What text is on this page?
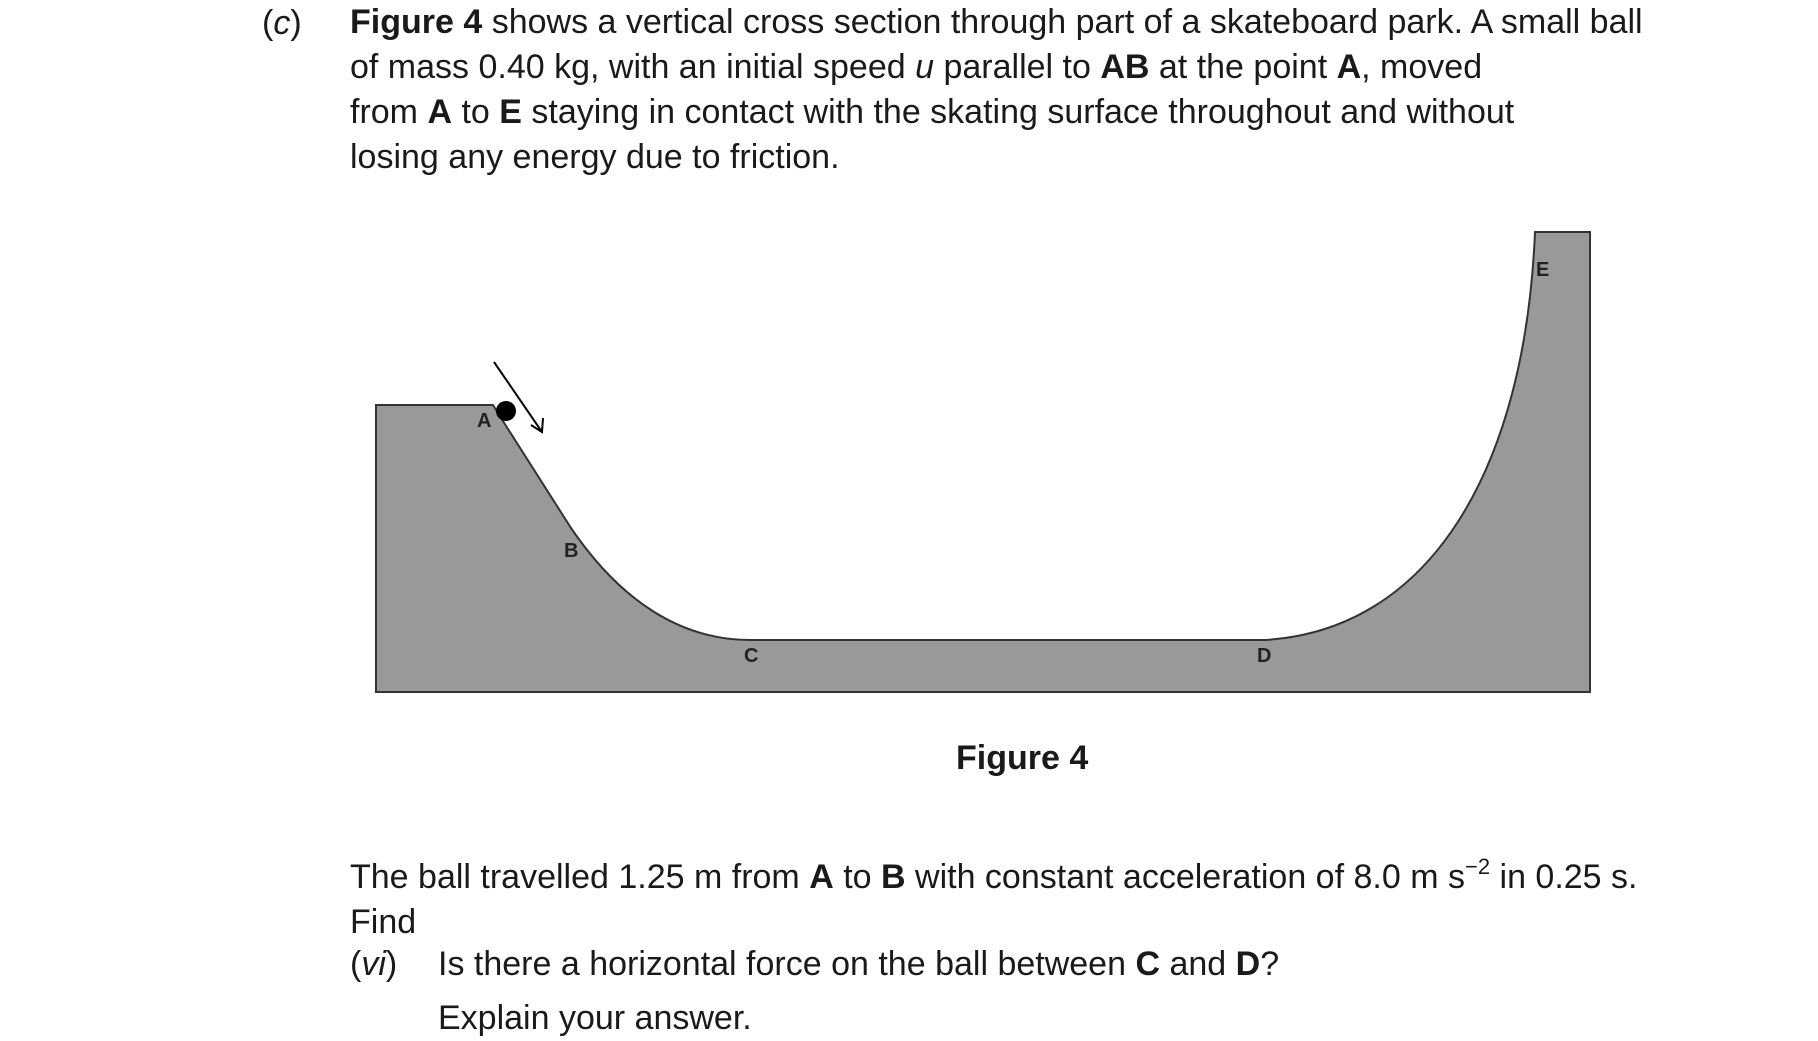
(c) Figure 4 shows a vertical cross section through part of a skateboard park. A small ball

of mass 0.40 kg, with an initial speed u parallel to AB at the point A, moved

from A to E staying in contact with the skating surface throughout and without

losing any energy due to friction.

A
B
C	D
E
Figure 4
The ball travelled 1.25 m from A to B with constant acceleration of 8.0 m $s^{-2}$ in 0.25 s.
Find
(vi) Is there a horizontal force on the ball between C and D?
Explain your answer.
